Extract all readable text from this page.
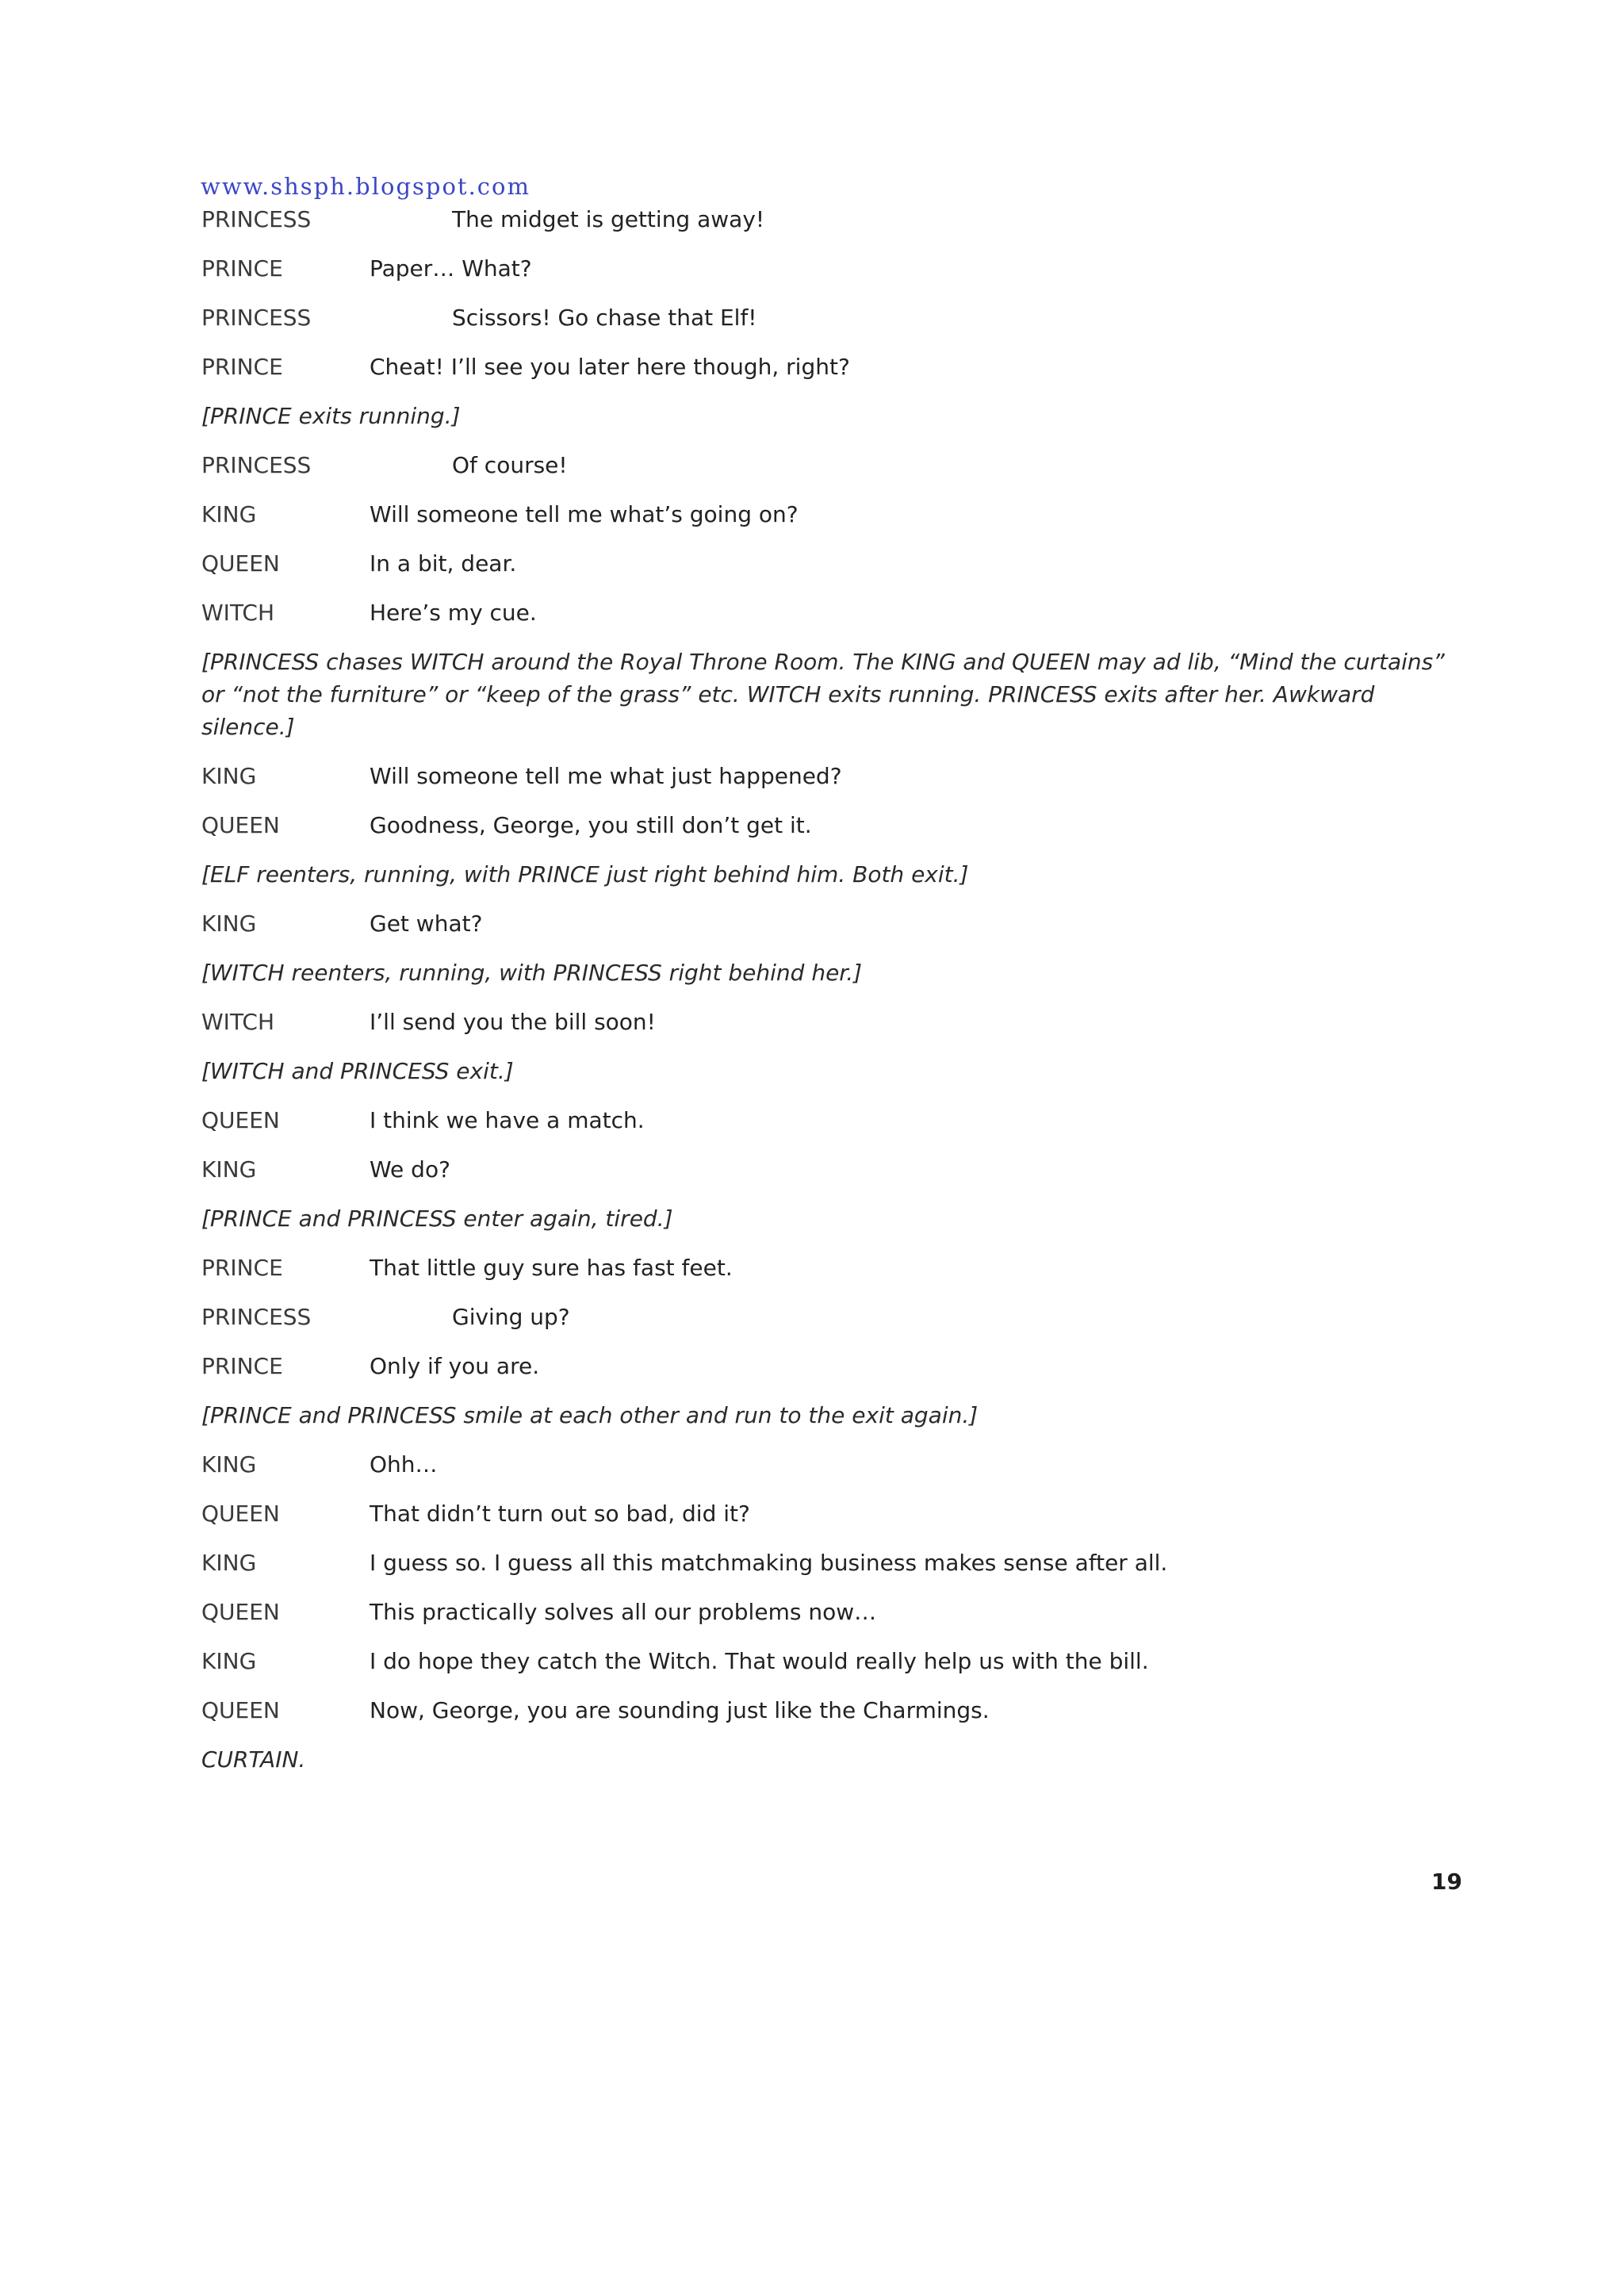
www.shsph.blogspot.com
PRINCESS	The midget is getting away!
PRINCE	Paper… What?
PRINCESS	Scissors! Go chase that Elf!
PRINCE	Cheat! I’ll see you later here though, right?
[PRINCE exits running.]
PRINCESS	Of course!
KING	Will someone tell me what’s going on?
QUEEN	In a bit, dear.
WITCH	Here’s my cue.
[PRINCESS chases WITCH around the Royal Throne Room. The KING and QUEEN may ad lib, “Mind the curtains” or “not the furniture” or “keep of the grass” etc. WITCH exits running. PRINCESS exits after her. Awkward silence.]
KING	Will someone tell me what just happened?
QUEEN	Goodness, George, you still don’t get it.
[ELF reenters, running, with PRINCE just right behind him. Both exit.]
KING	Get what?
[WITCH reenters, running, with PRINCESS right behind her.]
WITCH	I’ll send you the bill soon!
[WITCH and PRINCESS exit.]
QUEEN	I think we have a match.
KING	We do?
[PRINCE and PRINCESS enter again, tired.]
PRINCE	That little guy sure has fast feet.
PRINCESS	Giving up?
PRINCE	Only if you are.
[PRINCE and PRINCESS smile at each other and run to the exit again.]
KING	Ohh…
QUEEN	That didn’t turn out so bad, did it?
KING	I guess so. I guess all this matchmaking business makes sense after all.
QUEEN	This practically solves all our problems now…
KING	I do hope they catch the Witch. That would really help us with the bill.
QUEEN	Now, George, you are sounding just like the Charmings.
CURTAIN.
19
